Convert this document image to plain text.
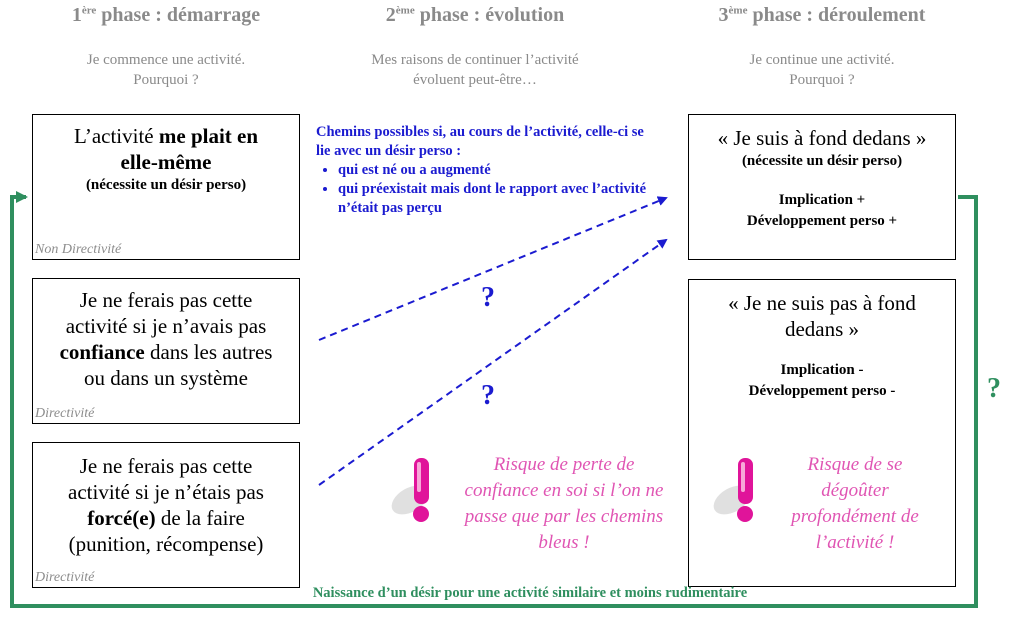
1ère phase : démarrage	2ème phase : évolution	3ème phase : déroulement
Je commence une activité.
Pourquoi ?
Mes raisons de continuer l’activité
évoluent peut-être…
Je continue une activité.
Pourquoi ?
L’activité me plait en elle-même
(nécessite un désir perso)
Non Directivité
Je ne ferais pas cette activité si je n’avais pas confiance dans les autres ou dans un système
Directivité
Je ne ferais pas cette activité si je n’étais pas forcé(e) de la faire (punition, récompense)
Directivité
« Je suis à fond dedans »
(nécessite un désir perso)
Implication +
Développement perso +
« Je ne suis pas à fond dedans »
Implication -
Développement perso -
Chemins possibles si, au cours de l’activité, celle-ci se lie avec un désir perso :
• qui est né ou a augmenté
• qui préexistait mais dont le rapport avec l’activité n’était pas perçu
?
?	?
Risque de perte de confiance en soi si l’on ne passe que par les chemins bleus !
Risque de se dégoûter profondément de l’activité !
Naissance d’un désir pour une activité similaire et moins rudimentaire
